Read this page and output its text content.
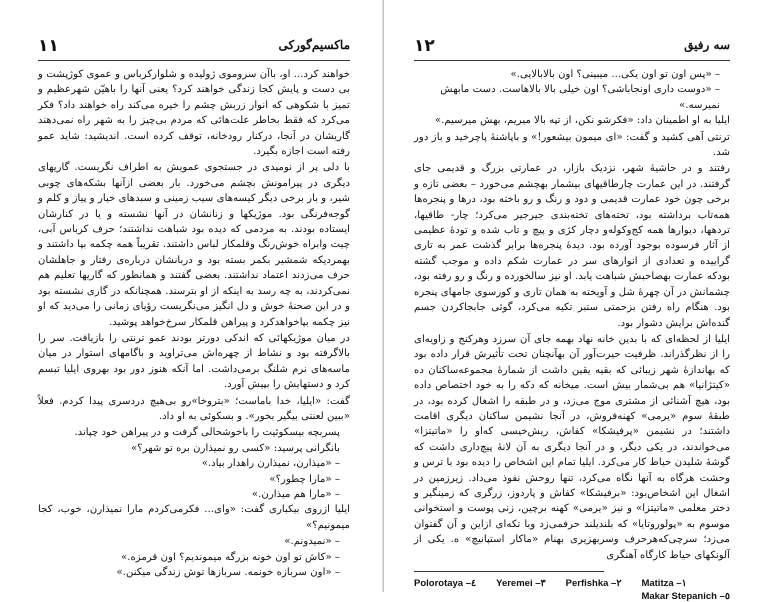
۱۱	ماکسیم‌گورکی

خواهند کرد... او، باآن سروموی ژولیده و شلوارکرباس و عموی کوژپشت و بی دست و پایش کجا زندگی خواهند کرد؟ یعنی آنها را باهیّن شهرعظیم و تمیز با شکوهی که انوار زربش چشم را خیره می‌کند راه خواهند داد؟ فکر می‌کرد که فقط بخاطر علت‌هائی که مردم بی‌چیز را به شهر راه نمی‌دهند گاریشان در آنجا، درکنار رودخانه، توقف کرده است. اندیشید: شاید عمو رفته است اجازه بگیرد.

با دلی پر از نومیدی در جستجوی عمویش به اطراف نگریست. گاریهای دیگری در پیرامونش بچشم می‌خورد. بار بعضی ازآنها بشکه‌های چوبی شیر، و بار برخی دیگر کیسه‌های سیب زمینی و سبدهای خیار و پیاز و کلم و گوجه‌فرنگی بود. موژیکها و زنانشان در آنها نشسته و یا در کنارشان ایستاده بودند. به مردمی که دیده بود شباهت نداشتند؛ حرف کرباس آبی، چیت و‌ابراه خوش‌رنگ وقلمکار لباس داشتند. تقریباً همه چکمه بپا داشتند و بهمردیکه شمشیر بکمر بسته بود و دربانشان درباره‌ی رفتار و جاهلشان حرف می‌زدند اعتماد نداشتند. بعضی گفتند و همانطور که گاریها تعلیم هم نمی‌کردند، به چه رسد به اینکه از او بترسند. همچنانکه در گاری نشسته بود و در این صحنهٔ خوش و دل انگیز می‌نگریست رؤیای زمانی را می‌دید که او نیز چکمه بپاخواهدکرد و پیراهن قلمکار سرخ‌خواهد پوشید.

در میان موژیکهائی که اندکی دورتر بودند عمو ترنتی را بازیافت. سر را بالاگرفته بود و نشاط از چهره‌اش می‌تراوید و باگامهای استوار در میان ماسه‌های نرم شلنگ برمی‌داشت. اما آنکه هنوز دور بود بهروی ایلیا تبسم کرد و دستهایش را بپیش آورد.

گفت: «ایلیا، خدا باماست؛ «بتروخا»رو بی‌هیچ دردسری پیدا کردم. فعلاً «ببین لعنتی بیگیر بخور». و بسکوئی به او داد.

پسربچه بیسکوئیت را باخوشحالی گرفت و در پیراهن خود چپاند.

بانگرانی پرسید: «کسی رو نمیذارن بره تو شهر؟»

– «میذارن، نمیذارن راهدار بیاد.»

– «مارا چطور؟»

– «مارا هم میذارن.»

ایلیا ازروی بیکباری گفت: «وای... فکرمی‌کردم مارا نمیذارن، خوب، کجا میمونیم؟»

– «نمیدونم.»

– «کاش تو اون خونه بزرگه میموندیم؟ اون قرمزه.»

– «اون سربازه خونمه. سربازها توش زندگی میکنن.»

۱۲	سه رفیق

– «پس اون تو اون یکی... میبینی؟ اون بالابالایی.»

– «دوست داری اونجاباشی؟ اون خیلی بالا بالاهاست. دست مابهش نمیرسه.»

ایلیا به او اطمینان داد: «فکرشو نکن، از تپه بالا میریم، بهش میرسیم.»

ترنتی آهی کشید و گفت: «ای میمون بیشعور!» و باپاشنهٔ پاچرخید و باز دور شد.

رفتند و در حاشیهٔ شهر، نزدیک بازار، در عمارتی بزرگ و قدیمی جای گرفتند. در این عمارت چارطاقیهای بیشمار بهچشم می‌خورد – بعضی تازه و برخی چون خود عمارت قدیمی و دود و رنگ و رو باخته بود، درها و پنجره‌ها همه‌تاب برداشته بود، تخته‌های تخته‌بندی جیرجیر می‌کرد؛ چار- طاقیها، تردهها، دیوارها همه کج‌وکوله‌و دچار کژی و پیچ و تاب شده و تودهٔ عظیمی از آثار فرسوده بوجود آورده بود. دیدهٔ پنجره‌ها برابر گذشت عمر به تاری گراییده و تعدادی از انوارهای سر در عمارت شکم داده و موجب گشته بودکه عمارت بهصاحبش شباهت یابد. او نیز سالخورده و رنگ و رو رفته بود، چشمانش در آن چهرهٔ شل و آویخته به همان تاری و کورسوی جامهای پنجره بود. هنگام راه رفتن بزحمتی ستبر تکیه می‌کرد، گوئی جابجاکردن جسم گنده‌اش برایش دشوار بود.

ایلیا از لحظه‌ای که با بدین خانه نهاد بهمه جای آن سرزد وهرکنج و زاویه‌ای را از نظرگذراند. ظرفیت حیرت‌آور آن بهآنچنان تحت تأثیرش قرار داده بود که بهاندازهٔ شهر زیبائی که بقیه یقین داشت از شمارهٔ مجموعه‌ساکنان ده «کیتژانیا» هم بی‌شمار بیش است. میخانه که دکه را به خود اختصاص داده بود، هیچ آشنائی از مشتری موج می‌زد، و در طبقه را اشغال کرده بود، در طبقهٔ سوم «یرمی» کهنه‌فروش، در آنجا نشیمن ساکنان دیگری اقامت داشتند؛ در نشیمن «پرفیشکا» کفاش، ریش‌خیسی که‌او را «ماتیتزا» می‌خواندند، در یکی دیگر، و در آنجا دیگری به آن لانهٔ پیچ‌داری داشت که گوشهٔ شلیدن حیاط کار می‌کرد. ایلیا تمام این اشخاص را دیده بود با ترس و وحشت هرگاه به آنها نگاه می‌کرد، تنها روحش نفوذ می‌داد. زیرزمین در اشغال این اشخاص‌بود: «برفیشکا» کفاش و پاردوز، زرگری که‌ زمینگیر و دختر معلمی «ماتیتزا» و نیز «یرمی» کهنه برچین، زنی پوست و استخوانی موسوم به «پولوروتایا» که بلندیلند حرفمی‌زد وبا تکه‌ای ازاین و آن گفتوان می‌زد؛ سرچی‌که‌هرحرف وسربهزیری بهنام «ماکار استپانیچ» ه. یکی از آلونکهای حیاط کارگاه آهنگری

Polorotaya –٤ Yeremei –٣ Perfishka –٢ Matitza –١
Makar Stepanich –٥
